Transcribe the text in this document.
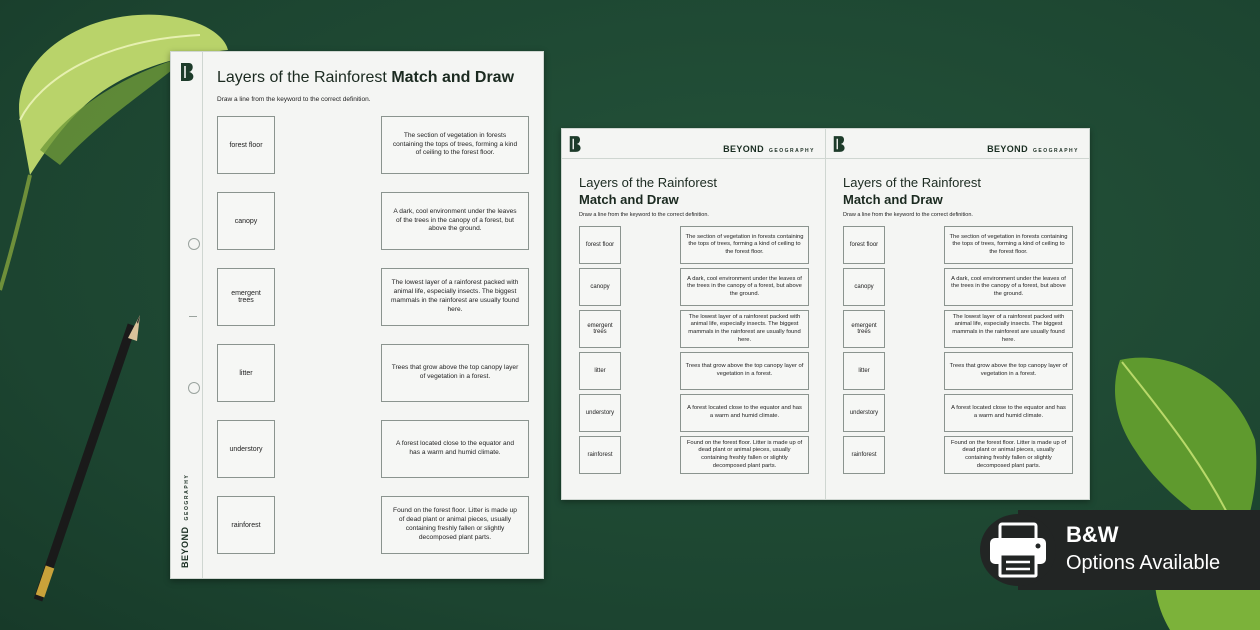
BEYONDGEOGRAPHY
Layers of the Rainforest Match and Draw
Draw a line from the keyword to the correct definition.
forest floor
canopy
emergent trees
litter
understory
rainforest
The section of vegetation in forests containing the tops of trees, forming a kind of ceiling to the forest floor.
A dark, cool environment under the leaves of the trees in the canopy of a forest, but above the ground.
The lowest layer of a rainforest packed with animal life, especially insects. The biggest mammals in the rainforest are usually found here.
Trees that grow above the top canopy layer of vegetation in a forest.
A forest located close to the equator and has a warm and humid climate.
Found on the forest floor. Litter is made up of dead plant or animal pieces, usually containing freshly fallen or slightly decomposed plant parts.
BEYOND GEOGRAPHY
Layers of the Rainforest
Match and Draw
Draw a line from the keyword to the correct definition.
forest floor
canopy
emergent trees
litter
understory
rainforest
The section of vegetation in forests containing the tops of trees, forming a kind of ceiling to the forest floor.
A dark, cool environment under the leaves of the trees in the canopy of a forest, but above the ground.
The lowest layer of a rainforest packed with animal life, especially insects. The biggest mammals in the rainforest are usually found here.
Trees that grow above the top canopy layer of vegetation in a forest.
A forest located close to the equator and has a warm and humid climate.
Found on the forest floor. Litter is made up of dead plant or animal pieces, usually containing freshly fallen or slightly decomposed plant parts.
BEYOND GEOGRAPHY
Layers of the Rainforest
Match and Draw
Draw a line from the keyword to the correct definition.
forest floor
canopy
emergent trees
litter
understory
rainforest
The section of vegetation in forests containing the tops of trees, forming a kind of ceiling to the forest floor.
A dark, cool environment under the leaves of the trees in the canopy of a forest, but above the ground.
The lowest layer of a rainforest packed with animal life, especially insects. The biggest mammals in the rainforest are usually found here.
Trees that grow above the top canopy layer of vegetation in a forest.
A forest located close to the equator and has a warm and humid climate.
Found on the forest floor. Litter is made up of dead plant or animal pieces, usually containing freshly fallen or slightly decomposed plant parts.
B&W
Options Available
